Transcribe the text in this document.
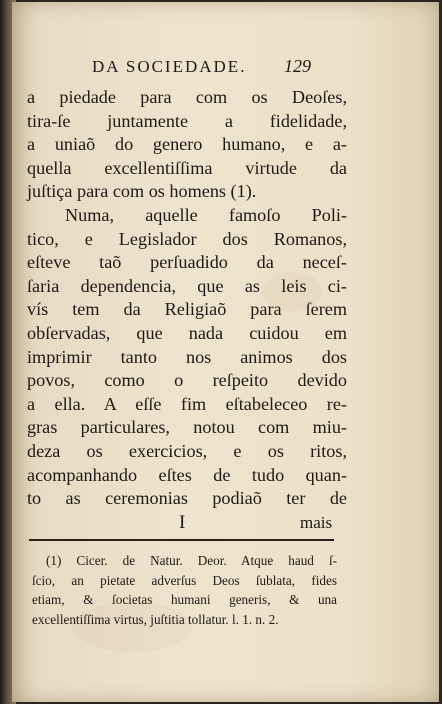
DA SOCIEDADE. 129
a piedade para com os Deoſes,
tira-ſe juntamente a fidelidade,
a uniaõ do genero humano, e a-
quella excellentiſſima virtude da
juſtiça para com os homens (1).
Numa, aquelle famoſo Poli-
tico, e Legislador dos Romanos,
eſteve taõ perſuadido da neceſ-
ſaria dependencia, que as leis ci-
vís tem da Religiaõ para ſerem
obſervadas, que nada cuidou em
imprimir tanto nos animos dos
povos, como o reſpeito devido
a ella. A eſſe fim eſtabeleceo re-
gras particulares, notou com miu-
deza os exercicios, e os ritos,
acompanhando eſtes de tudo quan-
to as ceremonias podiaõ ter de
I	mais
(1) Cicer. de Natur. Deor. Atque haud ſ-
ſcio, an pietate adverſus Deos ſublata, fides
etiam, & ſocietas humani generis, & una
excellentiſſima virtus, juſtitia tollatur. l. 1. n. 2.
